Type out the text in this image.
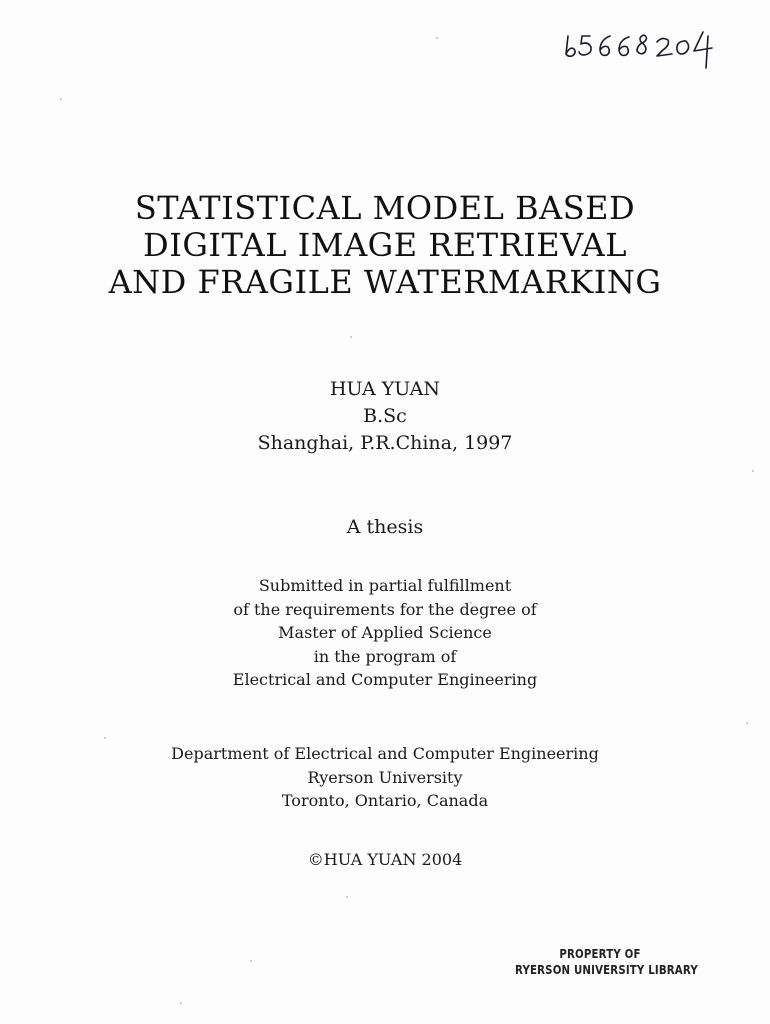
STATISTICAL MODEL BASED
DIGITAL IMAGE RETRIEVAL
AND FRAGILE WATERMARKING
HUA YUAN
B.Sc
Shanghai, P.R.China, 1997
A thesis
Submitted in partial fulfillment
of the requirements for the degree of
Master of Applied Science
in the program of
Electrical and Computer Engineering
Department of Electrical and Computer Engineering
Ryerson University
Toronto, Ontario, Canada
©HUA YUAN 2004
PROPERTY OF
RYERSON UNIVERSITY LIBRARY
